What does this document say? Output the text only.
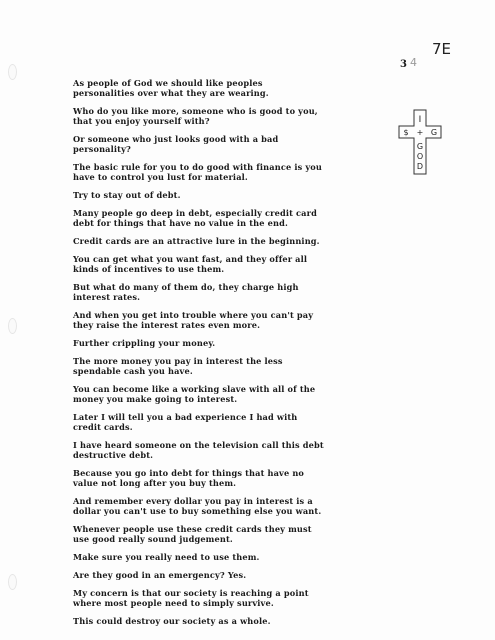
3 4
7E
I
$ + G
G
O
D

As people of God we should like peoples
personalities over what they are wearing.

Who do you like more, someone who is good to you,
that you enjoy yourself with?

Or someone who just looks good with a bad
personality?

The basic rule for you to do good with finance is you
have to control you lust for material.

Try to stay out of debt.

Many people go deep in debt, especially credit card
debt for things that have no value in the end.

Credit cards are an attractive lure in the beginning.

You can get what you want fast, and they offer all
kinds of incentives to use them.

But what do many of them do, they charge high
interest rates.

And when you get into trouble where you can't pay
they raise the interest rates even more.

Further crippling your money.

The more money you pay in interest the less
spendable cash you have.

You can become like a working slave with all of the
money you make going to interest.

Later I will tell you a bad experience I had with
credit cards.

I have heard someone on the television call this debt
destructive debt.

Because you go into debt for things that have no
value not long after you buy them.

And remember every dollar you pay in interest is a
dollar you can't use to buy something else you want.

Whenever people use these credit cards they must
use good really sound judgement.

Make sure you really need to use them.

Are they good in an emergency? Yes.

My concern is that our society is reaching a point
where most people need to simply survive.

This could destroy our society as a whole.
